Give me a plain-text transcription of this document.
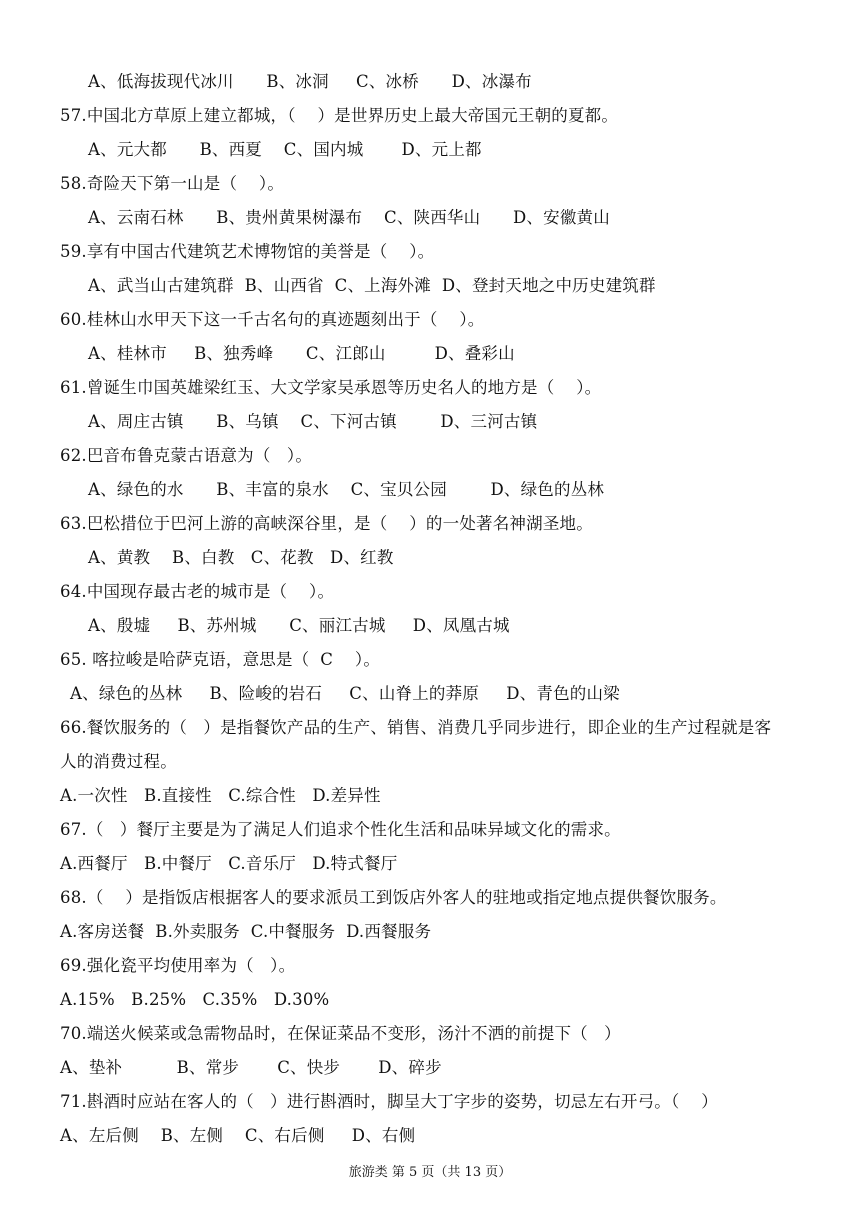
A、低海拔现代冰川      B、冰洞     C、冰桥      D、冰瀑布
57.中国北方草原上建立都城，（    ）是世界历史上最大帝国元王朝的夏都。
A、元大都      B、西夏    C、国内城       D、元上都
58.奇险天下第一山是（    ）。
A、云南石林      B、贵州黄果树瀑布    C、陕西华山      D、安徽黄山
59.享有中国古代建筑艺术博物馆的美誉是（    ）。
A、武当山古建筑群  B、山西省  C、上海外滩  D、登封天地之中历史建筑群
60.桂林山水甲天下这一千古名句的真迹题刻出于（    ）。
A、桂林市     B、独秀峰      C、江郎山         D、叠彩山
61.曾诞生巾国英雄梁红玉、大文学家吴承恩等历史名人的地方是（    ）。
A、周庄古镇      B、乌镇    C、下河古镇        D、三河古镇
62.巴音布鲁克蒙古语意为（   ）。
A、绿色的水      B、丰富的泉水    C、宝贝公园        D、绿色的丛林
63.巴松措位于巴河上游的高峡深谷里，是（    ）的一处著名神湖圣地。
A、黄教    B、白教   C、花教   D、红教
64.中国现存最古老的城市是（    ）。
A、殷墟     B、苏州城      C、丽江古城     D、凤凰古城
65. 喀拉峻是哈萨克语，意思是（  C    ）。
A、绿色的丛林     B、险峻的岩石     C、山脊上的莽原     D、青色的山梁
66.餐饮服务的（   ）是指餐饮产品的生产、销售、消费几乎同步进行，即企业的生产过程就是客
人的消费过程。
A.一次性   B.直接性   C.综合性   D.差异性
67.（   ）餐厅主要是为了满足人们追求个性化生活和品味异域文化的需求。
A.西餐厅   B.中餐厅   C.音乐厅   D.特式餐厅
68.（    ）是指饭店根据客人的要求派员工到饭店外客人的驻地或指定地点提供餐饮服务。
A.客房送餐  B.外卖服务  C.中餐服务  D.西餐服务
69.强化瓷平均使用率为（   ）。
A.15%   B.25%   C.35%   D.30%
70.端送火候菜或急需物品时，在保证菜品不变形，汤汁不洒的前提下（   ）
A、垫补          B、常步       C、快步       D、碎步
71.斟酒时应站在客人的（   ）进行斟酒时，脚呈大丁字步的姿势，切忌左右开弓。（    ）
A、左后侧    B、左侧    C、右后侧     D、右侧
旅游类 第 5 页（共 13 页）
